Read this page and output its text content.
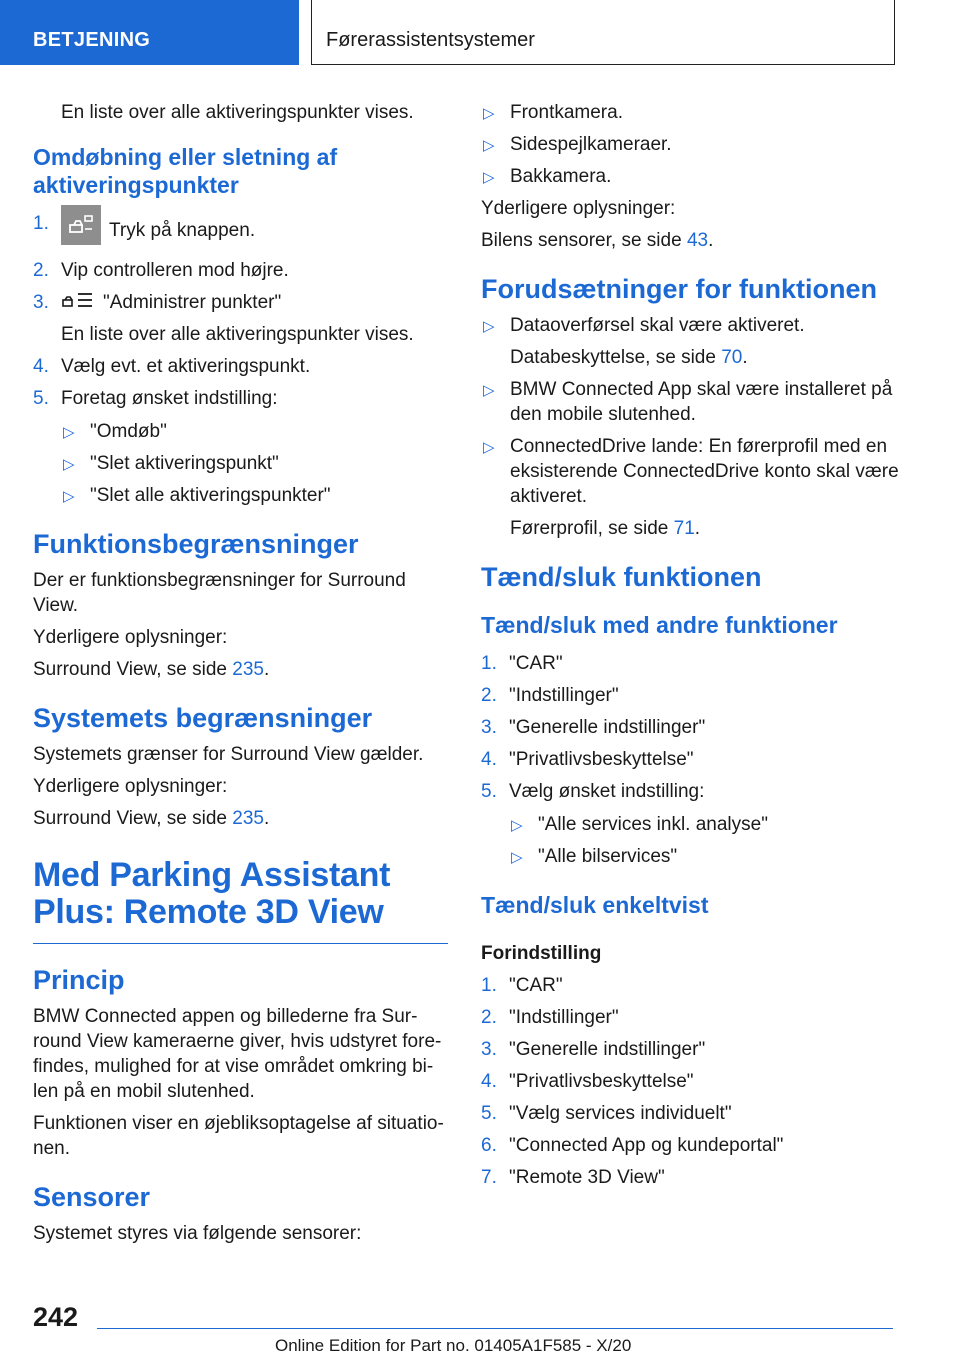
BETJENING	Førerassistentsystemer

En liste over alle aktiveringspunkter vises.

Omdøbning eller sletning af aktiveringspunkter
1.	Tryk på knappen.
2. Vip controlleren mod højre.
3.	"Administrer punkter"
En liste over alle aktiveringspunkter vises.
4. Vælg evt. et aktiveringspunkt.
5. Foretag ønsket indstilling:
▷ "Omdøb"
▷ "Slet aktiveringspunkt"
▷ "Slet alle aktiveringspunkter"
Funktionsbegrænsninger

Der er funktionsbegrænsninger for Surround View.

Yderligere oplysninger:

Surround View, se side 235.

Systemets begrænsninger

Systemets grænser for Surround View gælder.

Yderligere oplysninger:

Surround View, se side 235.

Med Parking Assistant Plus: Remote 3D View
Princip

BMW Connected appen og billederne fra Sur-round View kameraerne giver, hvis udstyret fore-findes, mulighed for at vise området omkring bi-len på en mobil slutenhed.

Funktionen viser en øjebliksoptagelse af situatio-nen.

Sensorer

Systemet styres via følgende sensorer:

▷ Frontkamera.
▷ Sidespejlkameraer.
▷ Bakkamera.

Yderligere oplysninger:

Bilens sensorer, se side 43.

Forudsætninger for funktionen
▷ Dataoverførsel skal være aktiveret.
Databeskyttelse, se side 70.
▷ BMW Connected App skal være installeret på den mobile slutenhed.
▷ ConnectedDrive lande: En førerprofil med en eksisterende ConnectedDrive konto skal være aktiveret.
Førerprofil, se side 71.
Tænd/sluk funktionen
Tænd/sluk med andre funktioner
1. "CAR"
2. "Indstillinger"
3. "Generelle indstillinger"
4. "Privatlivsbeskyttelse"
5. Vælg ønsket indstilling:
▷ "Alle services inkl. analyse"
▷ "Alle bilservices"
Tænd/sluk enkeltvist
Forindstilling
1. "CAR"
2. "Indstillinger"
3. "Generelle indstillinger"
4. "Privatlivsbeskyttelse"
5. "Vælg services individuelt"
6. "Connected App og kundeportal"
7. "Remote 3D View"
242
Online Edition for Part no. 01405A1F585 - X/20
